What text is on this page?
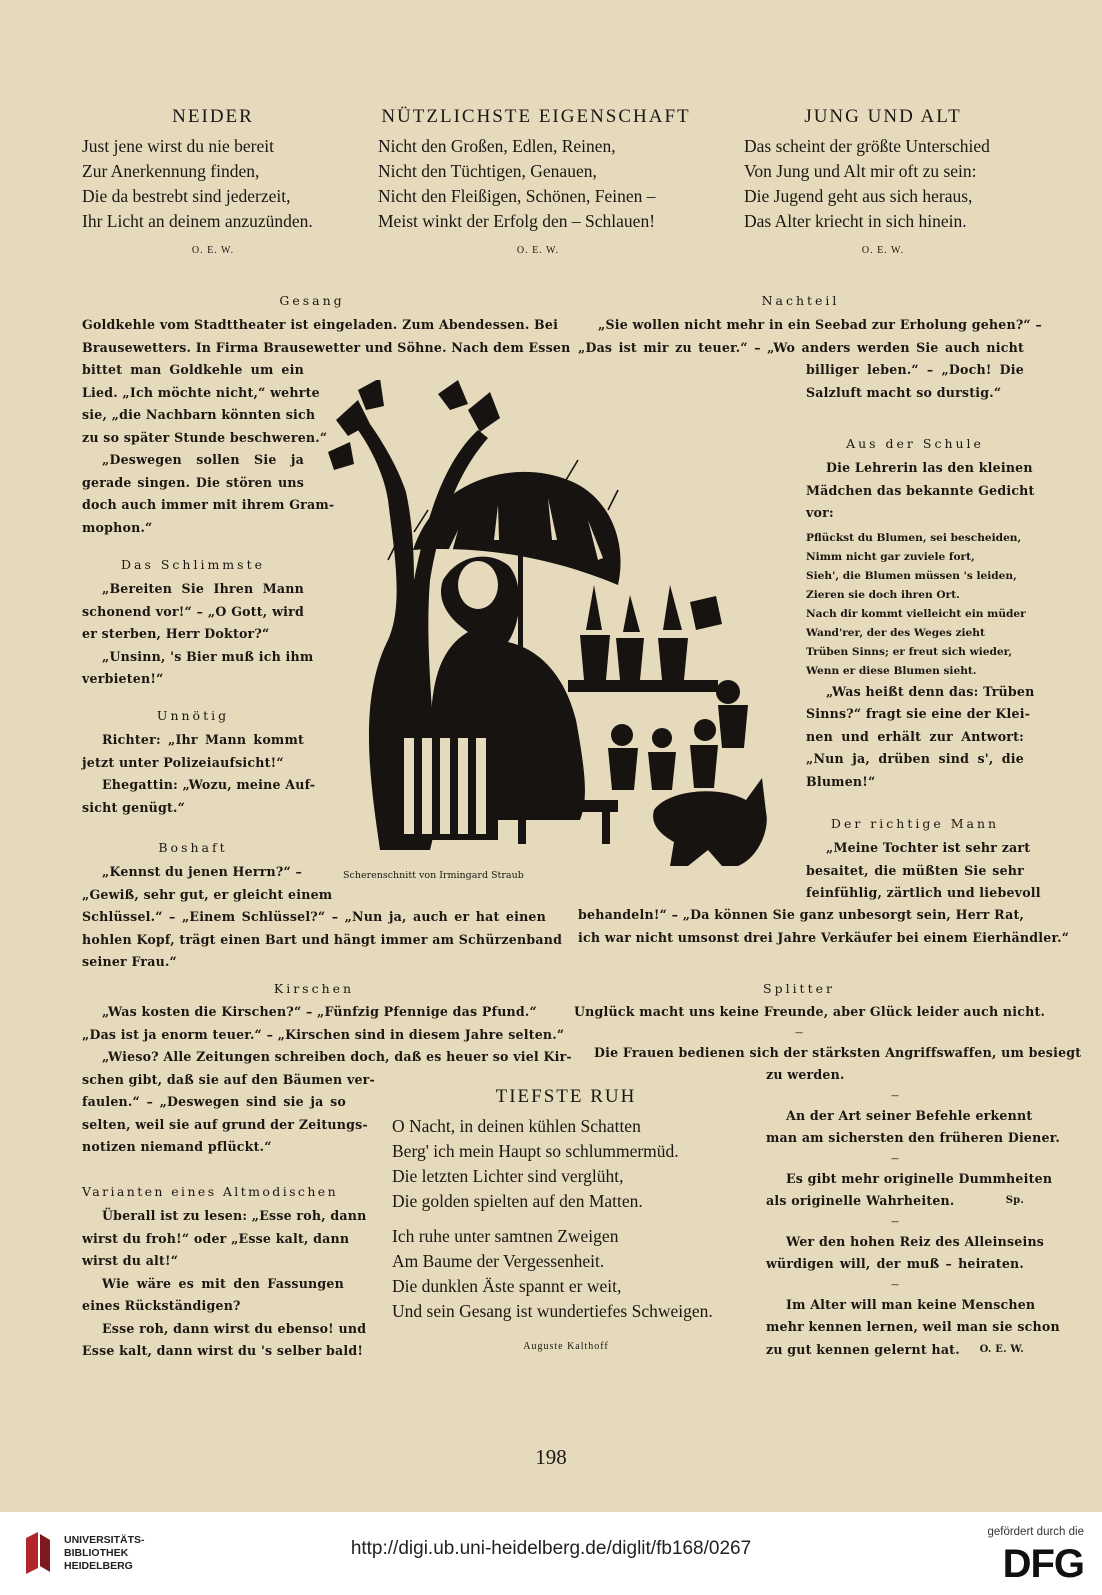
NEIDER
Just jene wirst du nie bereit
Zur Anerkennung finden,
Die da bestrebt sind jederzeit,
Ihr Licht an deinem anzuzünden.
O. E. W.
NÜTZLICHSTE EIGENSCHAFT
Nicht den Großen, Edlen, Reinen,
Nicht den Tüchtigen, Genauen,
Nicht den Fleißigen, Schönen, Feinen –
Meist winkt der Erfolg den – Schlauen!
O. E. W.
JUNG UND ALT
Das scheint der größte Unterschied
Von Jung und Alt mir oft zu sein:
Die Jugend geht aus sich heraus,
Das Alter kriecht in sich hinein.
O. E. W.
Gesang
Goldkehle vom Stadttheater ist eingeladen. Zum Abendessen. Bei
Brausewetters. In Firma Brausewetter und Söhne. Nach dem Essen
bittet man Goldkehle um ein
Lied. „Ich möchte nicht,“ wehrte
sie, „die Nachbarn könnten sich
zu so später Stunde beschweren.“
„Deswegen sollen Sie ja
gerade singen. Die stören uns
doch auch immer mit ihrem Gram-
mophon.“
Das Schlimmste
„Bereiten Sie Ihren Mann
schonend vor!“ – „O Gott, wird
er sterben, Herr Doktor?“
„Unsinn, 's Bier muß ich ihm
verbieten!“
Unnötig
Richter: „Ihr Mann kommt
jetzt unter Polizeiaufsicht!“
Ehegattin: „Wozu, meine Auf-
sicht genügt.“
Boshaft
„Kennst du jenen Herrn?“ –
„Gewiß, sehr gut, er gleicht einem
Schlüssel.“ – „Einem Schlüssel?“ – „Nun ja, auch er hat einen
hohlen Kopf, trägt einen Bart und hängt immer am Schürzenband
seiner Frau.“
Scherenschnitt von Irmingard Straub
Nachteil
„Sie wollen nicht mehr in ein Seebad zur Erholung gehen?“ –
„Das ist mir zu teuer.“ – „Wo anders werden Sie auch nicht
billiger leben.“ – „Doch! Die
Salzluft macht so durstig.“
Aus der Schule
Die Lehrerin las den kleinen
Mädchen das bekannte Gedicht
vor:
Pflückst du Blumen, sei bescheiden,
Nimm nicht gar zuviele fort,
Sieh', die Blumen müssen 's leiden,
Zieren sie doch ihren Ort.
Nach dir kommt vielleicht ein müder
Wand'rer, der des Weges zieht
Trüben Sinns; er freut sich wieder,
Wenn er diese Blumen sieht.
„Was heißt denn das: Trüben
Sinns?“ fragt sie eine der Klei-
nen und erhält zur Antwort:
„Nun ja, drüben sind s', die
Blumen!“
Der richtige Mann
„Meine Tochter ist sehr zart
besaitet, die müßten Sie sehr
feinfühlig, zärtlich und liebevoll
behandeln!“ – „Da können Sie ganz unbesorgt sein, Herr Rat,
ich war nicht umsonst drei Jahre Verkäufer bei einem Eierhändler.“
Kirschen
„Was kosten die Kirschen?“ – „Fünfzig Pfennige das Pfund.“
„Das ist ja enorm teuer.“ – „Kirschen sind in diesem Jahre selten.“
„Wieso? Alle Zeitungen schreiben doch, daß es heuer so viel Kir-
schen gibt, daß sie auf den Bäumen ver-
faulen.“ – „Deswegen sind sie ja so
selten, weil sie auf grund der Zeitungs-
notizen niemand pflückt.“
Varianten eines Altmodischen
Überall ist zu lesen: „Esse roh, dann
wirst du froh!“ oder „Esse kalt, dann
wirst du alt!“
Wie wäre es mit den Fassungen
eines Rückständigen?
Esse roh, dann wirst du ebenso! und
Esse kalt, dann wirst du 's selber bald!
TIEFSTE RUH
O Nacht, in deinen kühlen Schatten
Berg' ich mein Haupt so schlummermüd.
Die letzten Lichter sind verglüht,
Die golden spielten auf den Matten.
Ich ruhe unter samtnen Zweigen
Am Baume der Vergessenheit.
Die dunklen Äste spannt er weit,
Und sein Gesang ist wundertiefes Schweigen.
Auguste Kalthoff
Splitter
Unglück macht uns keine Freunde, aber Glück leider auch nicht.
–
Die Frauen bedienen sich der stärksten Angriffswaffen, um besiegt
zu werden.
–
An der Art seiner Befehle erkennt
man am sichersten den früheren Diener.
–
Es gibt mehr originelle Dummheiten
als originelle Wahrheiten.	Sp.
–
Wer den hohen Reiz des Alleinseins
würdigen will, der muß – heiraten.
–
Im Alter will man keine Menschen
mehr kennen lernen, weil man sie schon
zu gut kennen gelernt hat. O. E. W.
198
UNIVERSITÄTS-
BIBLIOTHEK
HEIDELBERG
http://digi.ub.uni-heidelberg.de/diglit/fb168/0267
gefördert durch die
DFG
